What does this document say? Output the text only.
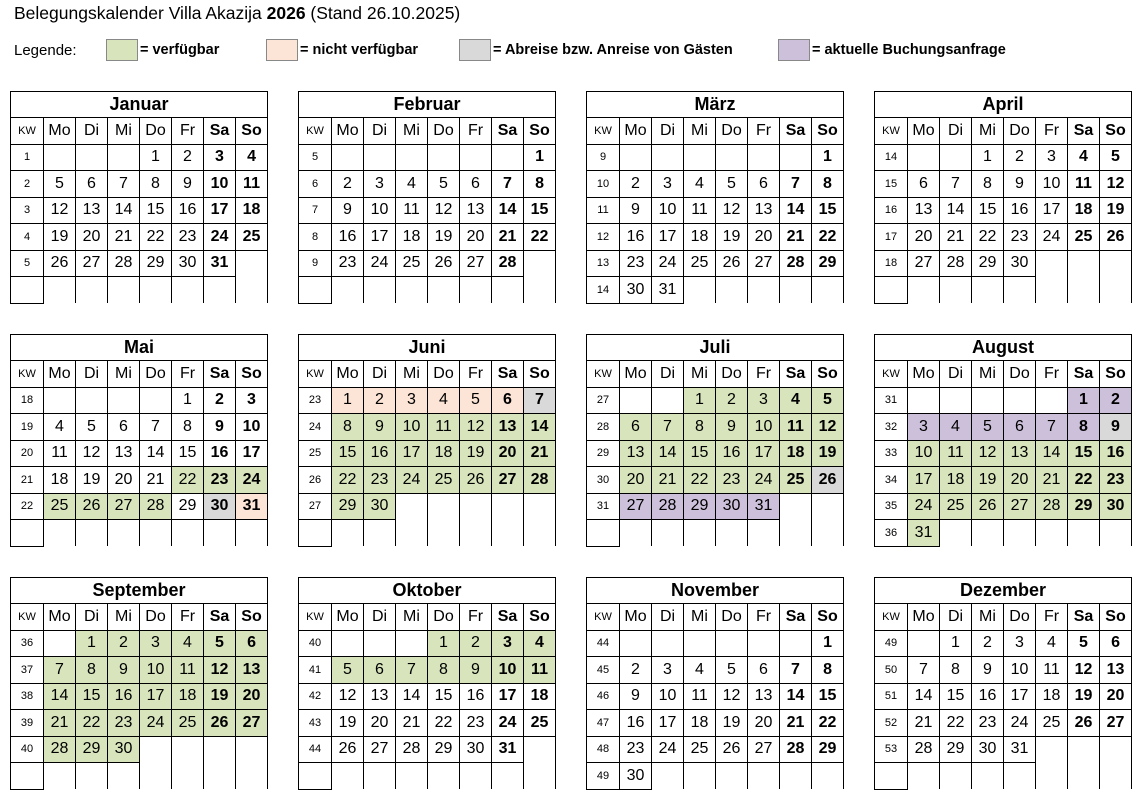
Belegungskalender Villa Akazija 2026 (Stand 26.10.2025)
Legende:	= verfügbar	= nicht verfügbar	= Abreise bzw. Anreise von Gästen	= aktuelle Buchungsanfrage
Januar							
KW	Mo	Di	Mi	Do	Fr	Sa	So
1				1	2	3	4
2	5	6	7	8	9	10	11
3	12	13	14	15	16	17	18
4	19	20	21	22	23	24	25
5	26	27	28	29	30	31	

Februar							
KW	Mo	Di	Mi	Do	Fr	Sa	So
5							1
6	2	3	4	5	6	7	8
7	9	10	11	12	13	14	15
8	16	17	18	19	20	21	22
9	23	24	25	26	27	28	

März							
KW	Mo	Di	Mi	Do	Fr	Sa	So
9							1
10	2	3	4	5	6	7	8
11	9	10	11	12	13	14	15
12	16	17	18	19	20	21	22
13	23	24	25	26	27	28	29
14	30	31					
April							
KW	Mo	Di	Mi	Do	Fr	Sa	So
14			1	2	3	4	5
15	6	7	8	9	10	11	12
16	13	14	15	16	17	18	19
17	20	21	22	23	24	25	26
18	27	28	29	30			

Mai							
KW	Mo	Di	Mi	Do	Fr	Sa	So
18					1	2	3
19	4	5	6	7	8	9	10
20	11	12	13	14	15	16	17
21	18	19	20	21	22	23	24
22	25	26	27	28	29	30	31

Juni							
KW	Mo	Di	Mi	Do	Fr	Sa	So
23	1	2	3	4	5	6	7
24	8	9	10	11	12	13	14
25	15	16	17	18	19	20	21
26	22	23	24	25	26	27	28
27	29	30					

Juli							
KW	Mo	Di	Mi	Do	Fr	Sa	So
27			1	2	3	4	5
28	6	7	8	9	10	11	12
29	13	14	15	16	17	18	19
30	20	21	22	23	24	25	26
31	27	28	29	30	31		

August							
KW	Mo	Di	Mi	Do	Fr	Sa	So
31						1	2
32	3	4	5	6	7	8	9
33	10	11	12	13	14	15	16
34	17	18	19	20	21	22	23
35	24	25	26	27	28	29	30
36	31						
September							
KW	Mo	Di	Mi	Do	Fr	Sa	So
36		1	2	3	4	5	6
37	7	8	9	10	11	12	13
38	14	15	16	17	18	19	20
39	21	22	23	24	25	26	27
40	28	29	30				

Oktober							
KW	Mo	Di	Mi	Do	Fr	Sa	So
40				1	2	3	4
41	5	6	7	8	9	10	11
42	12	13	14	15	16	17	18
43	19	20	21	22	23	24	25
44	26	27	28	29	30	31	

November							
KW	Mo	Di	Mi	Do	Fr	Sa	So
44							1
45	2	3	4	5	6	7	8
46	9	10	11	12	13	14	15
47	16	17	18	19	20	21	22
48	23	24	25	26	27	28	29
49	30						
Dezember							
KW	Mo	Di	Mi	Do	Fr	Sa	So
49		1	2	3	4	5	6
50	7	8	9	10	11	12	13
51	14	15	16	17	18	19	20
52	21	22	23	24	25	26	27
53	28	29	30	31			
